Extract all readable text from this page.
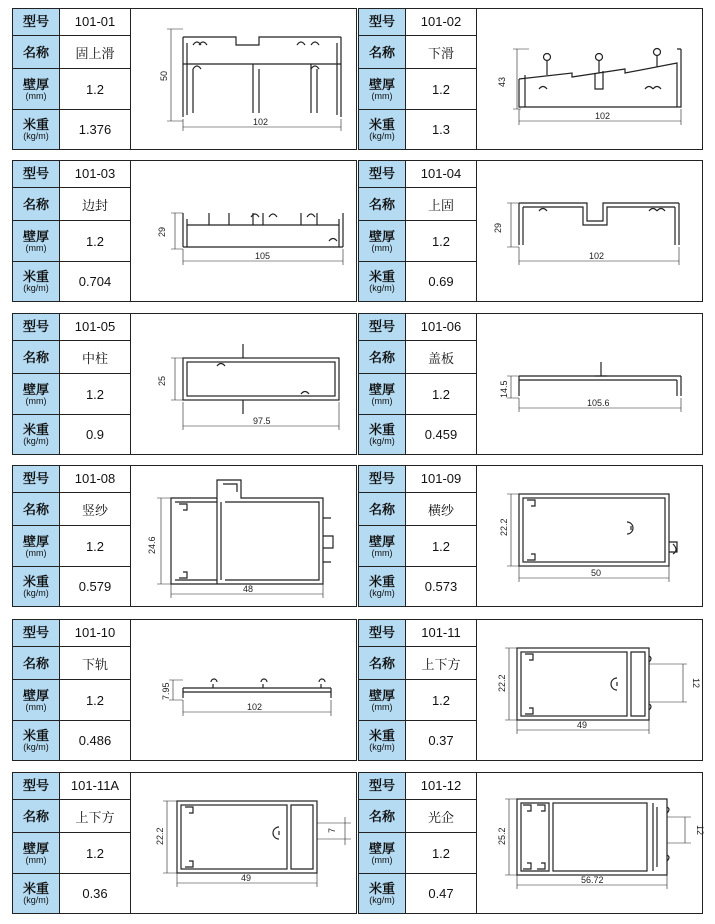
型号	101-01
名称	固上滑
壁厚
(mm)	1.2
米重
(kg/m)	1.376
50
102
型号	101-02
名称	下滑
壁厚
(mm)	1.2
米重
(kg/m)	1.3
43
102
型号	101-03
名称	边封
壁厚
(mm)	1.2
米重
(kg/m)	0.704
29
105
型号	101-04
名称	上固
壁厚
(mm)	1.2
米重
(kg/m)	0.69
29
102
型号	101-05
名称	中柱
壁厚
(mm)	1.2
米重
(kg/m)	0.9
25
97.5
型号	101-06
名称	盖板
壁厚
(mm)	1.2
米重
(kg/m)	0.459
14.5
105.6
型号	101-08
名称	竖纱
壁厚
(mm)	1.2
米重
(kg/m)	0.579
24.6
48
型号	101-09
名称	横纱
壁厚
(mm)	1.2
米重
(kg/m)	0.573
22.2
50
型号	101-10
名称	下轨
壁厚
(mm)	1.2
米重
(kg/m)	0.486
7.95
102
型号	101-11
名称	上下方
壁厚
(mm)	1.2
米重
(kg/m)	0.37
22.2	12
49
型号	101-11A
名称	上下方
壁厚
(mm)	1.2
米重
(kg/m)	0.36
22.2	7
49
型号	101-12
名称	光企
壁厚
(mm)	1.2
米重
(kg/m)	0.47
25.2	12
56.72
